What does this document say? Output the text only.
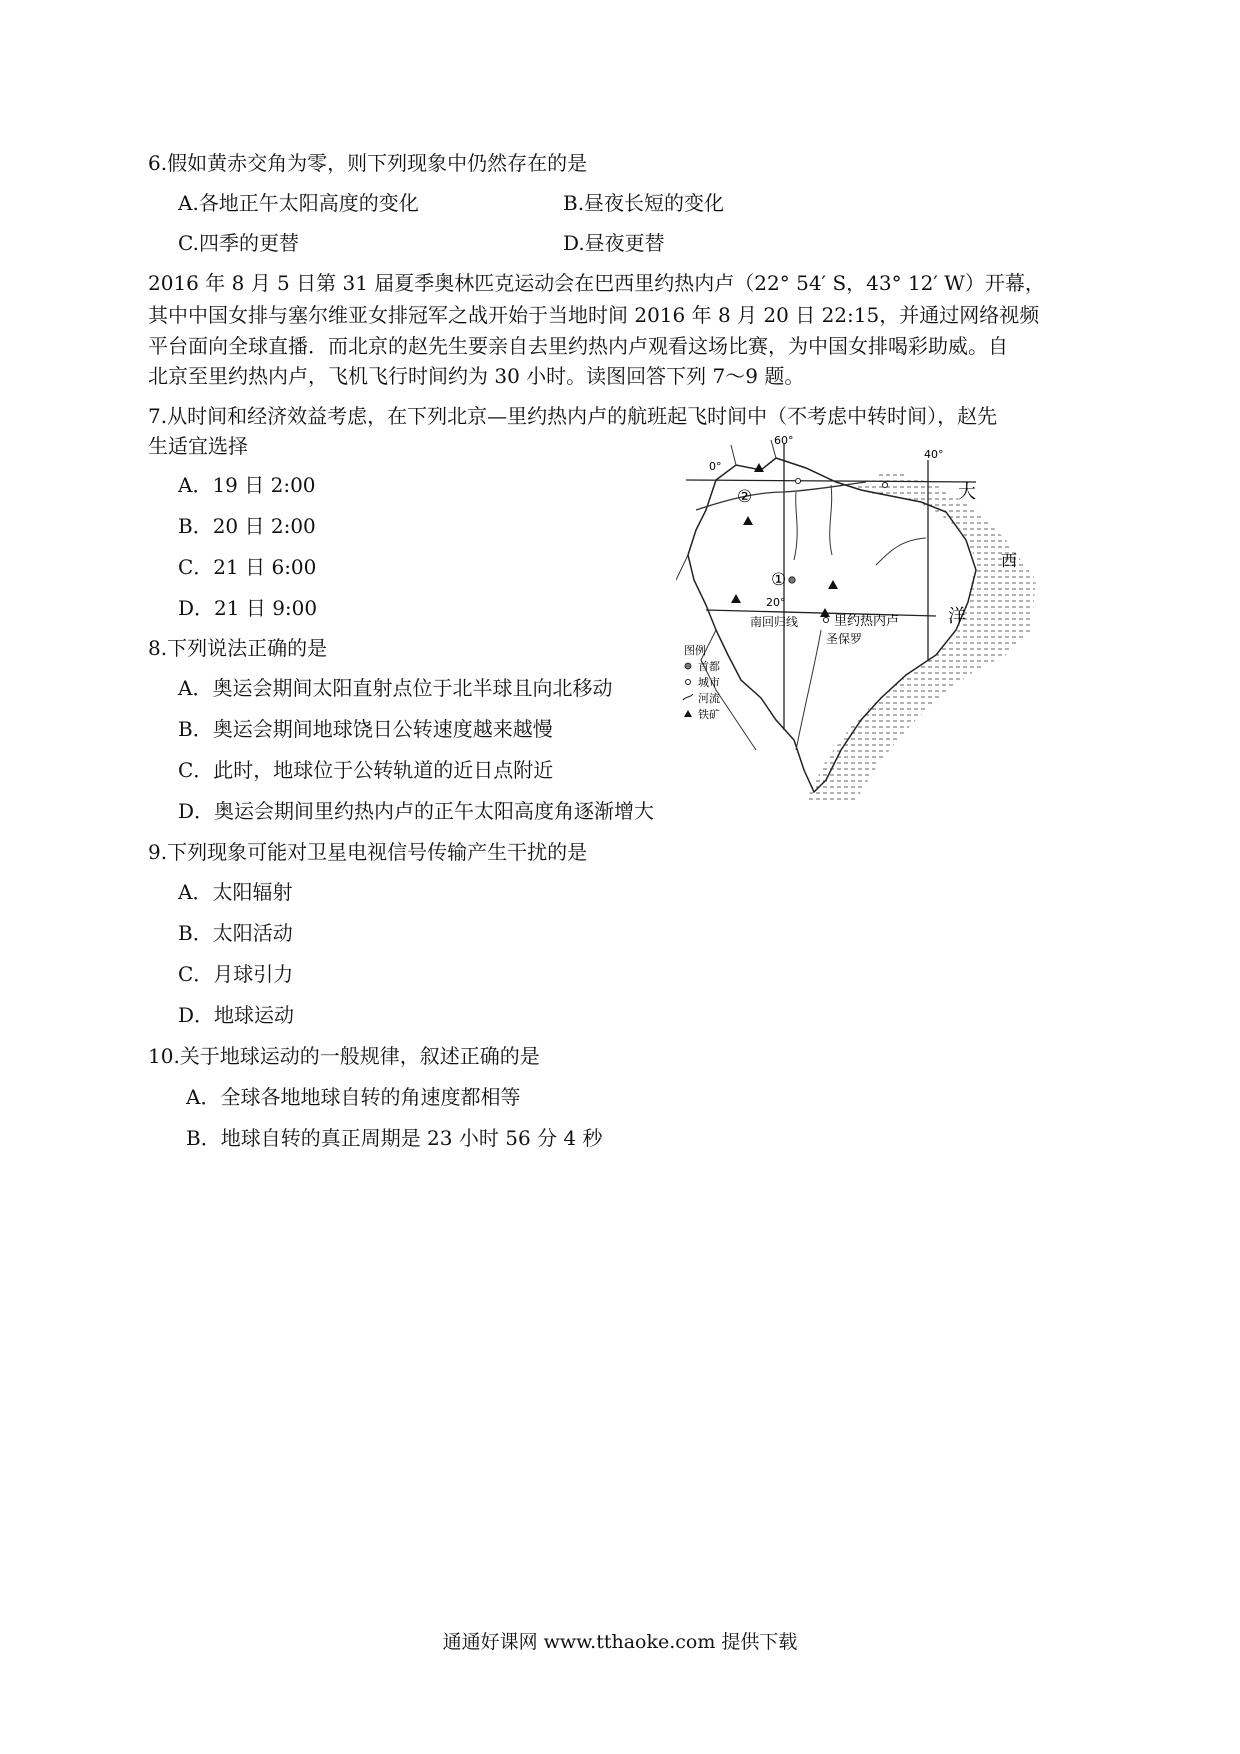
6.假如黄赤交角为零，则下列现象中仍然存在的是
A.各地正午太阳高度的变化	B.昼夜长短的变化
C.四季的更替	D.昼夜更替
2016 年 8 月 5 日第 31 届夏季奥林匹克运动会在巴西里约热内卢（22° 54′ S，43° 12′ W）开幕，
其中中国女排与塞尔维亚女排冠军之战开始于当地时间 2016 年 8 月 20 日 22:15，并通过网络视频
平台面向全球直播．而北京的赵先生要亲自去里约热内卢观看这场比赛，为中国女排喝彩助威。自
北京至里约热内卢，飞机飞行时间约为 30 小时。读图回答下列 7～9 题。
7.从时间和经济效益考虑，在下列北京—里约热内卢的航班起飞时间中（不考虑中转时间），赵先
生适宜选择
A．19 日 2:00
B．20 日 2:00
C．21 日 6:00
D．21 日 9:00
8.下列说法正确的是
A．奥运会期间太阳直射点位于北半球且向北移动
B．奥运会期间地球饶日公转速度越来越慢
C．此时，地球位于公转轨道的近日点附近
D．奥运会期间里约热内卢的正午太阳高度角逐渐增大
9.下列现象可能对卫星电视信号传输产生干扰的是
A．太阳辐射
B．太阳活动
C．月球引力
D．地球运动
10.关于地球运动的一般规律，叙述正确的是
A．全球各地地球自转的角速度都相等
B．地球自转的真正周期是 23 小时 56 分 4 秒
0°
60°
40°
20°
南回归线
大
西
洋
①
②
里约热内卢
圣保罗
图例
首都
城市
河流
铁矿
通通好课网 www.tthaoke.com 提供下载
